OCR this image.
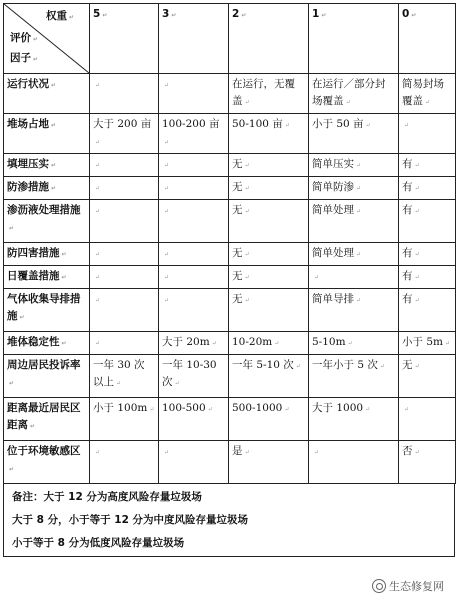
权重 ↵
评价 ↵
因子 ↵	5 ↵	3 ↵	2 ↵	1 ↵	0 ↵
运行状况 ↵	↵	↵	在运行，无覆盖 ↵	在运行／部分封场覆盖 ↵	简易封场覆盖 ↵
堆场占地 ↵	大于 200 亩↵	100-200 亩↵	50-100 亩 ↵	小于 50 亩 ↵	↵
填埋压实 ↵	↵	↵	无 ↵	简单压实 ↵	有 ↵
防渗措施 ↵	↵	↵	无 ↵	简单防渗 ↵	有 ↵
渗沥液处理措施↵	↵	↵	无 ↵	简单处理 ↵	有 ↵
防四害措施 ↵	↵	↵	无 ↵	简单处理 ↵	有 ↵
日覆盖措施 ↵	↵	↵	无 ↵	↵	有 ↵
气体收集导排措施 ↵	↵	↵	无 ↵	简单导排 ↵	有 ↵
堆体稳定性 ↵	↵	大于 20m ↵	10-20m ↵	5-10m ↵	小于 5m ↵
周边居民投诉率↵	一年 30 次以上 ↵	一年 10-30 次 ↵	一年 5-10 次 ↵	一年小于 5 次 ↵	无 ↵
距离最近居民区距离 ↵	小于 100m ↵	100-500 ↵	500-1000 ↵	大于 1000 ↵	↵
位于环境敏感区↵	↵	↵	是 ↵	↵	否 ↵
备注：大于 12 分为高度风险存量垃圾场
大于 8 分，小于等于 12 分为中度风险存量垃圾场
小于等于 8 分为低度风险存量垃圾场
生态修复网
